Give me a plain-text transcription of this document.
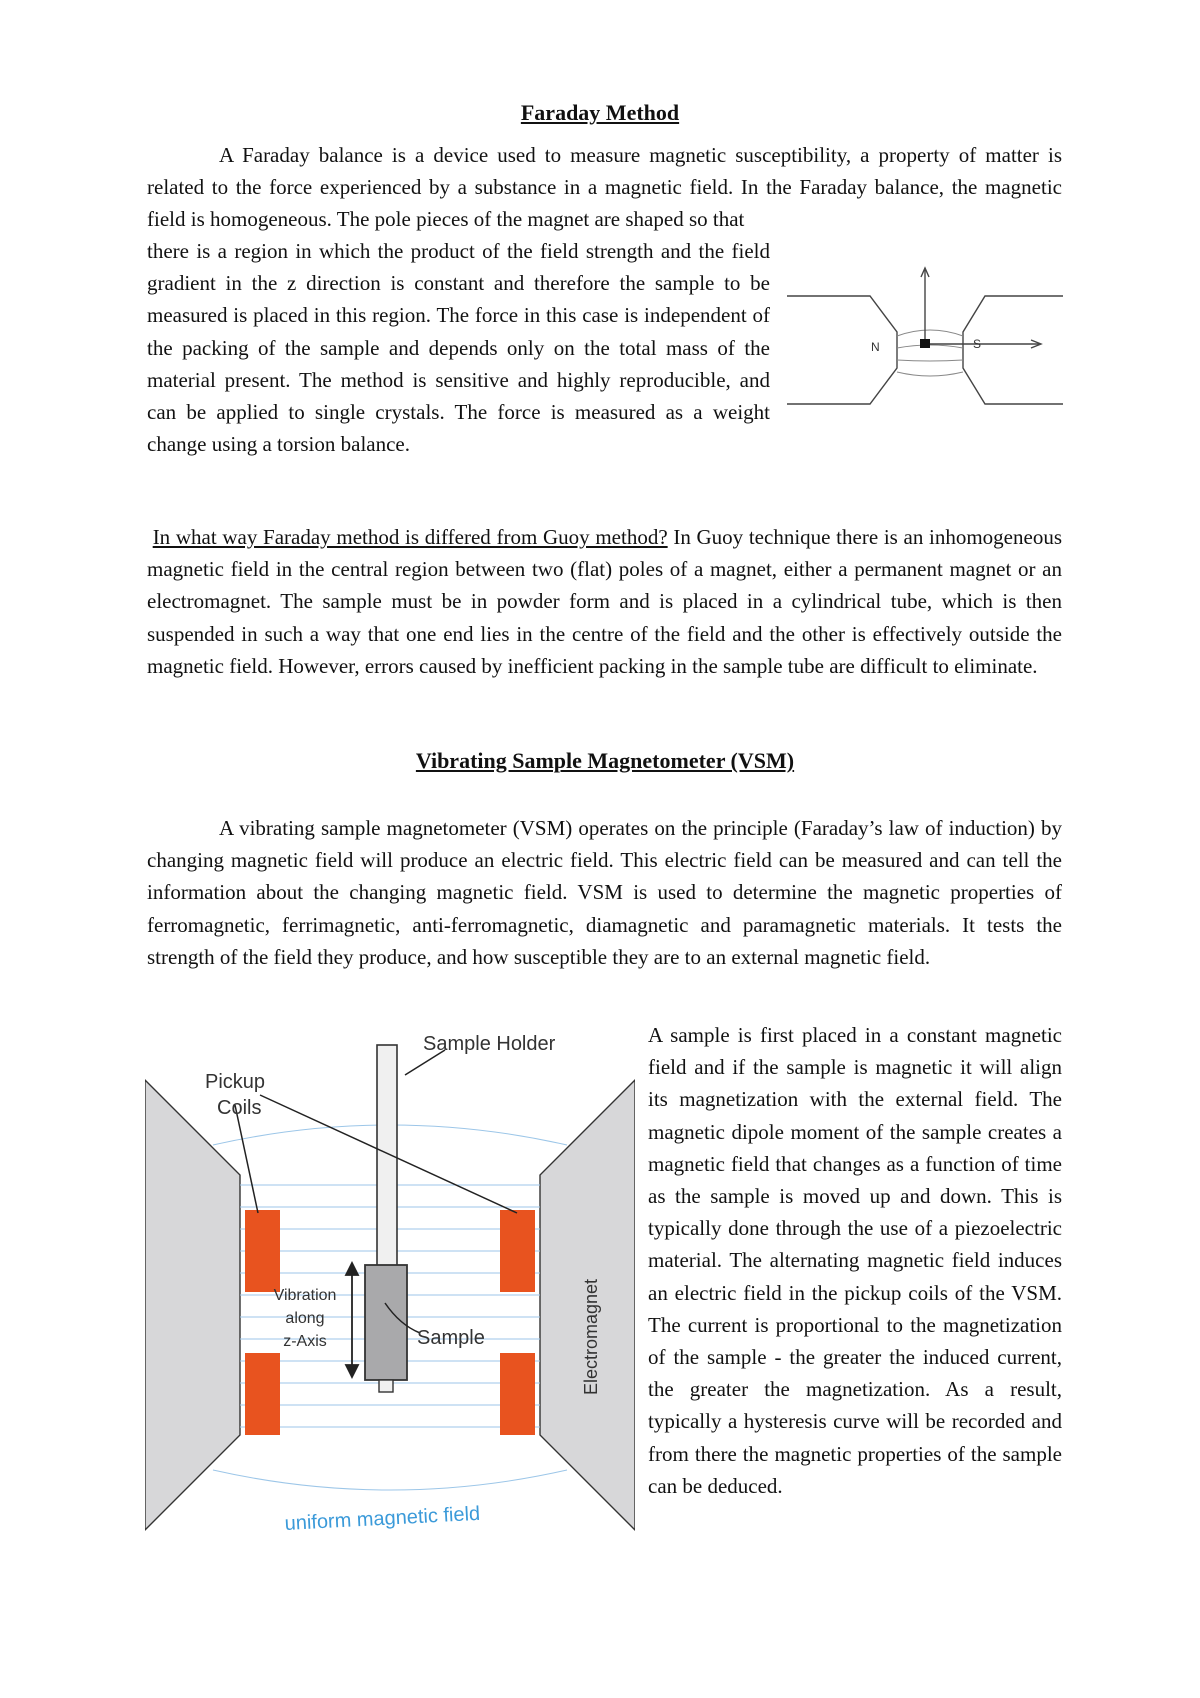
Faraday Method

A Faraday balance is a device used to measure magnetic susceptibility, a property of matter is related to the force experienced by a substance in a magnetic field. In the Faraday balance, the magnetic field is homogeneous. The pole pieces of the magnet are shaped so that

there is a region in which the product of the field strength and the field gradient in the z direction is constant and therefore the sample to be measured is placed in this region. The force in this case is independent of the packing of the sample and depends only on the total mass of the material present. The method is sensitive and highly reproducible, and can be applied to single crystals. The force is measured as a weight change using a torsion balance.

N	S

In what way Faraday method is differed from Guoy method? In Guoy technique there is an inhomogeneous magnetic field in the central region between two (flat) poles of a magnet, either a permanent magnet or an electromagnet. The sample must be in powder form and is placed in a cylindrical tube, which is then suspended in such a way that one end lies in the centre of the field and the other is effectively outside the magnetic field. However, errors caused by inefficient packing in the sample tube are difficult to eliminate.

Vibrating Sample Magnetometer (VSM)

A vibrating sample magnetometer (VSM) operates on the principle (Faraday’s law of induction) by changing magnetic field will produce an electric field. This electric field can be measured and can tell the information about the changing magnetic field. VSM is used to determine the magnetic properties of ferromagnetic, ferrimagnetic, anti-ferromagnetic, diamagnetic and paramagnetic materials. It tests the strength of the field they produce, and how susceptible they are to an external magnetic field.

Sample Holder
Pickup
Coils
Vibration
along
z-Axis	Sample	Electromagnet
uniform magnetic field

A sample is first placed in a constant magnetic field and if the sample is magnetic it will align its magnetization with the external field. The magnetic dipole moment of the sample creates a magnetic field that changes as a function of time as the sample is moved up and down. This is typically done through the use of a piezoelectric material. The alternating magnetic field induces an electric field in the pickup coils of the VSM. The current is proportional to the magnetization of the sample - the greater the induced current, the greater the magnetization. As a result, typically a hysteresis curve will be recorded and from there the magnetic properties of the sample can be deduced.
